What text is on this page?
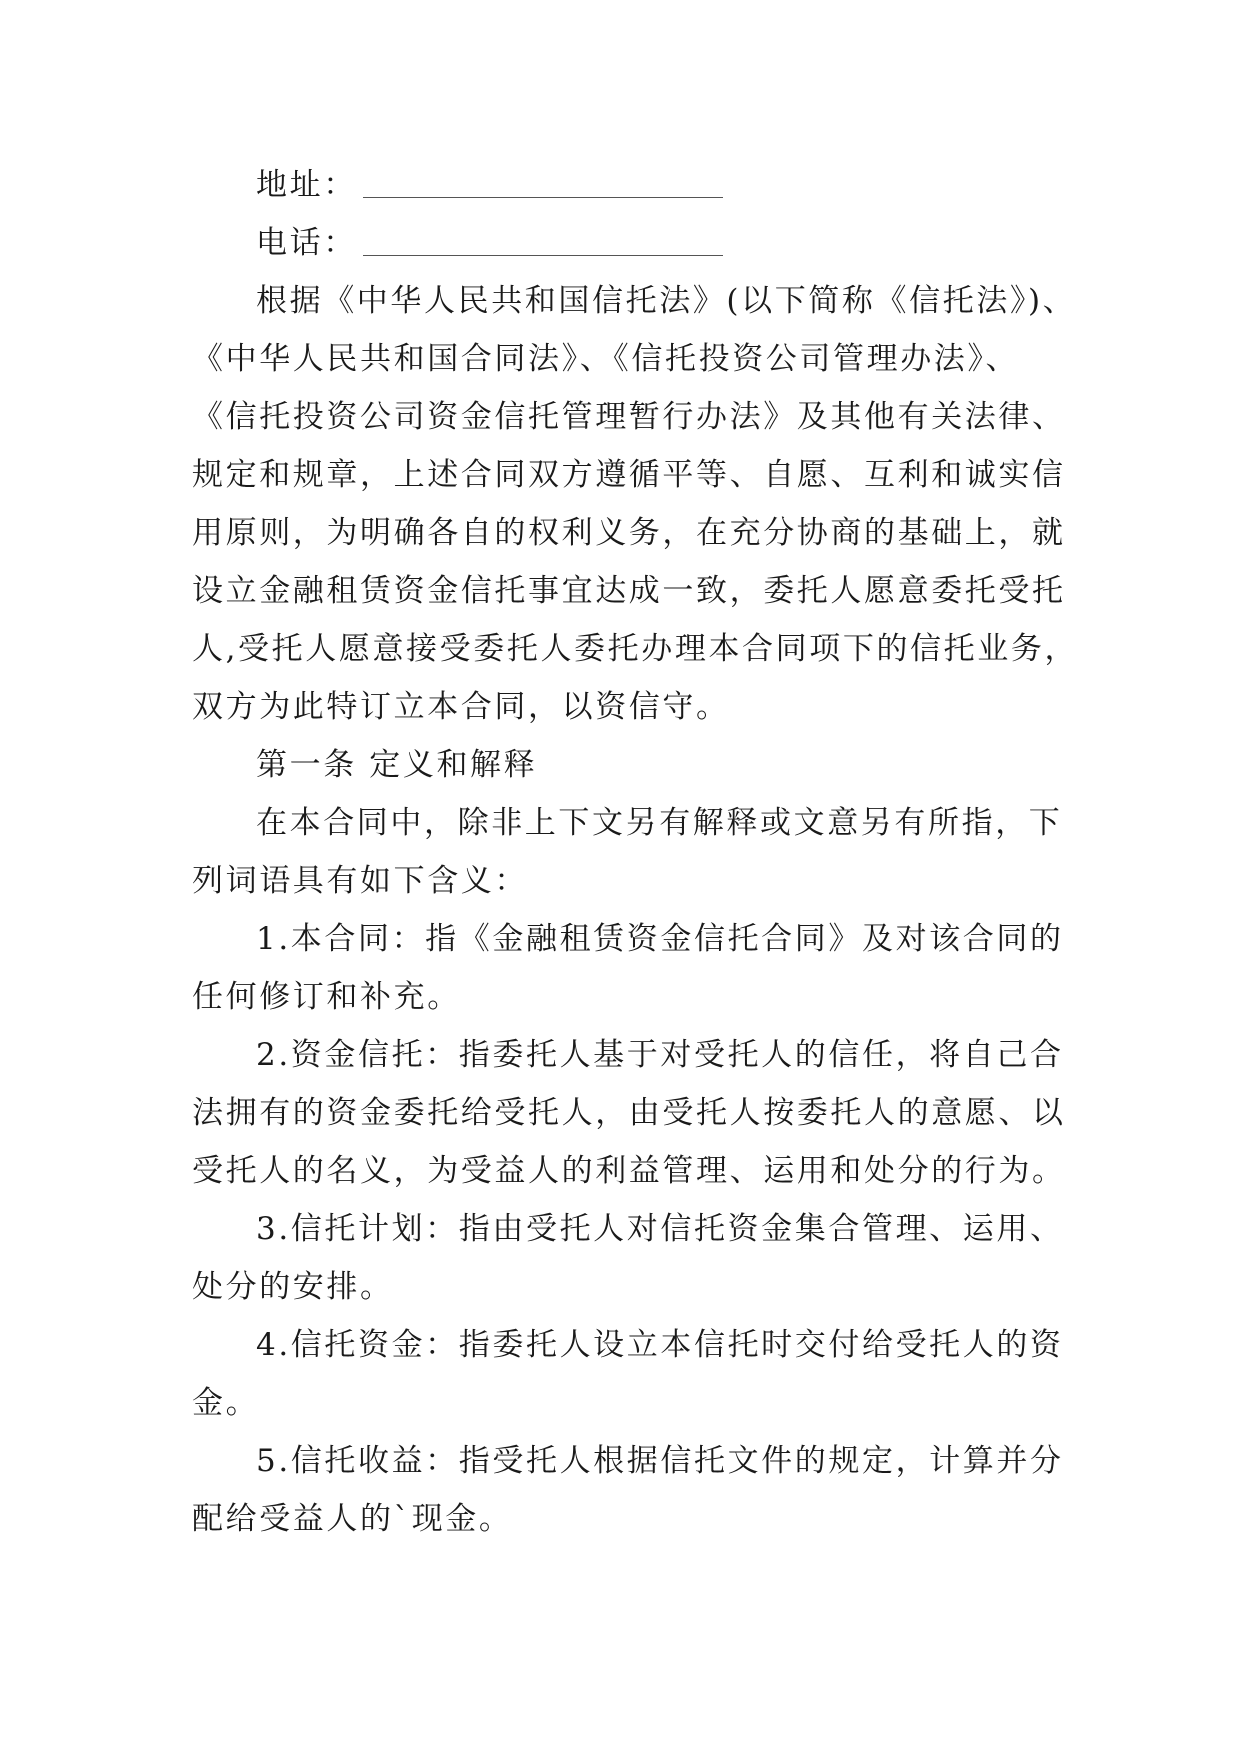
地址：
电话：
根据《中华人民共和国信托法》(以下简称《信托法》)、
《中华人民共和国合同法》、《信托投资公司管理办法》、
《信托投资公司资金信托管理暂行办法》及其他有关法律、
规定和规章，上述合同双方遵循平等、自愿、互利和诚实信
用原则，为明确各自的权利义务，在充分协商的基础上，就
设立金融租赁资金信托事宜达成一致，委托人愿意委托受托
人,受托人愿意接受委托人委托办理本合同项下的信托业务，
双方为此特订立本合同，以资信守。
第一条 定义和解释
在本合同中，除非上下文另有解释或文意另有所指，下
列词语具有如下含义：
1.本合同：指《金融租赁资金信托合同》及对该合同的
任何修订和补充。
2.资金信托：指委托人基于对受托人的信任，将自己合
法拥有的资金委托给受托人，由受托人按委托人的意愿、以
受托人的名义，为受益人的利益管理、运用和处分的行为。
3.信托计划：指由受托人对信托资金集合管理、运用、
处分的安排。
4.信托资金：指委托人设立本信托时交付给受托人的资
金。
5.信托收益：指受托人根据信托文件的规定，计算并分
配给受益人的`现金。
